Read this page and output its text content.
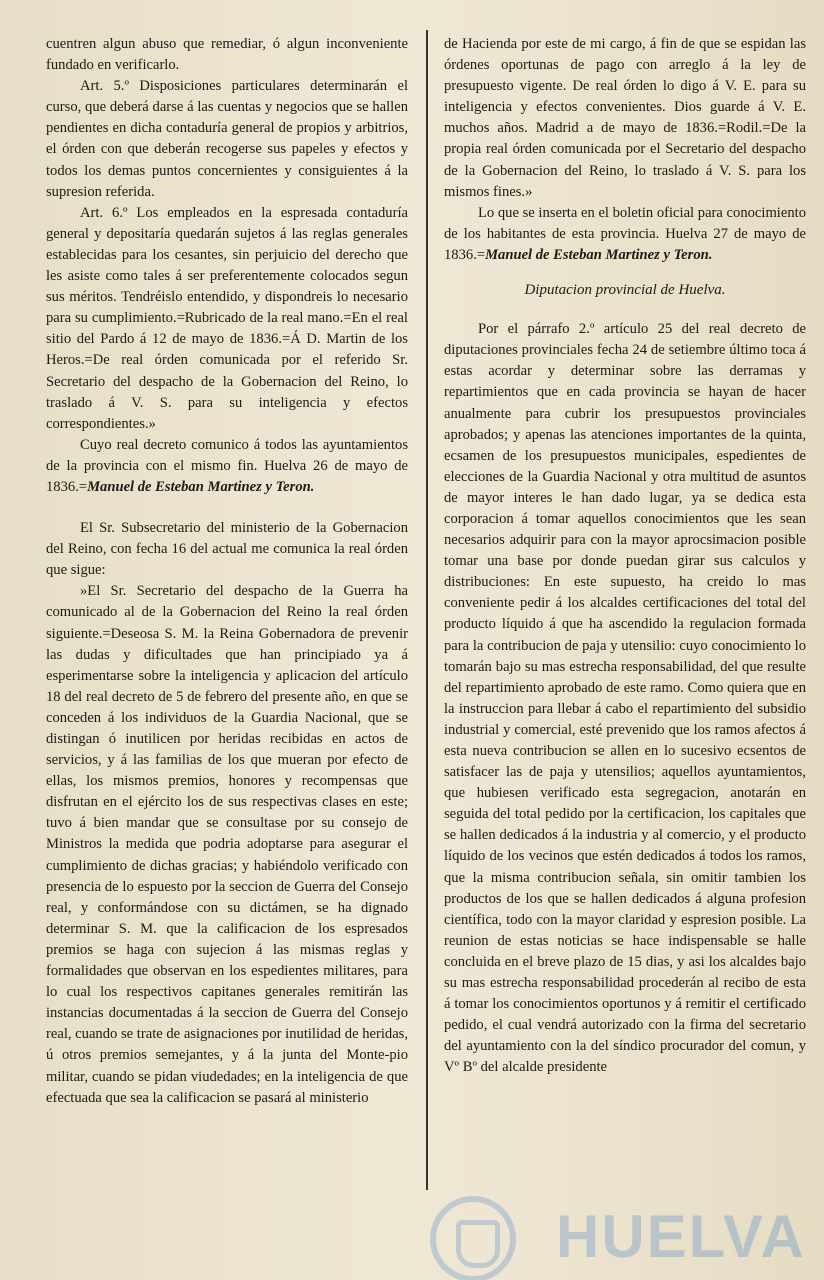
cuentren algun abuso que remediar, ó algun inconveniente fundado en verificarlo.

Art. 5.º Disposiciones particulares determinarán el curso, que deberá darse á las cuentas y negocios que se hallen pendientes en dicha contaduría general de propios y arbitrios, el órden con que deberán recogerse sus papeles y efectos y todos los demas puntos concernientes y consiguientes á la supresion referida.

Art. 6.º Los empleados en la espresada contaduría general y depositaría quedarán sujetos á las reglas generales establecidas para los cesantes, sin perjuicio del derecho que les asiste como tales á ser preferentemente colocados segun sus méritos. Tendréislo entendido, y dispondreis lo necesario para su cumplimiento.=Rubricado de la real mano.=En el real sitio del Pardo á 12 de mayo de 1836.=Á D. Martin de los Heros.=De real órden comunicada por el referido Sr. Secretario del despacho de la Gobernacion del Reino, lo traslado á V. S. para su inteligencia y efectos correspondientes.»

Cuyo real decreto comunico á todos las ayuntamientos de la provincia con el mismo fin. Huelva 26 de mayo de 1836.=Manuel de Esteban Martinez y Teron.

El Sr. Subsecretario del ministerio de la Gobernacion del Reino, con fecha 16 del actual me comunica la real órden que sigue:

»El Sr. Secretario del despacho de la Guerra ha comunicado al de la Gobernacion del Reino la real órden siguiente.=Deseosa S. M. la Reina Gobernadora de prevenir las dudas y dificultades que han principiado ya á esperimentarse sobre la inteligencia y aplicacion del artículo 18 del real decreto de 5 de febrero del presente año, en que se conceden á los individuos de la Guardia Nacional, que se distingan ó inutilicen por heridas recibidas en actos de servicios, y á las familias de los que mueran por efecto de ellas, los mismos premios, honores y recompensas que disfrutan en el ejército los de sus respectivas clases en este; tuvo á bien mandar que se consultase por su consejo de Ministros la medida que podria adoptarse para asegurar el cumplimiento de dichas gracias; y habiéndolo verificado con presencia de lo espuesto por la seccion de Guerra del Consejo real, y conformándose con su dictámen, se ha dignado determinar S. M. que la calificacion de los espresados premios se haga con sujecion á las mismas reglas y formalidades que observan en los espedientes militares, para lo cual los respectivos capitanes generales remitirán las instancias documentadas á la seccion de Guerra del Consejo real, cuando se trate de asignaciones por inutilidad de heridas, ú otros premios semejantes, y á la junta del Monte-pio militar, cuando se pidan viudedades; en la inteligencia de que efectuada que sea la calificacion se pasará al ministerio

de Hacienda por este de mi cargo, á fin de que se espidan las órdenes oportunas de pago con arreglo á la ley de presupuesto vigente. De real órden lo digo á V. E. para su inteligencia y efectos convenientes. Dios guarde á V. E. muchos años. Madrid a de mayo de 1836.=Rodil.=De la propia real órden comunicada por el Secretario del despacho de la Gobernacion del Reino, lo traslado á V. S. para los mismos fines.»

Lo que se inserta en el boletin oficial para conocimiento de los habitantes de esta provincia. Huelva 27 de mayo de 1836.=Manuel de Esteban Martinez y Teron.

Diputacion provincial de Huelva.

Por el párrafo 2.º artículo 25 del real decreto de diputaciones provinciales fecha 24 de setiembre último toca á estas acordar y determinar sobre las derramas y repartimientos que en cada provincia se hayan de hacer anualmente para cubrir los presupuestos provinciales aprobados; y apenas las atenciones importantes de la quinta, ecsamen de los presupuestos municipales, espedientes de elecciones de la Guardia Nacional y otra multitud de asuntos de mayor interes le han dado lugar, ya se dedica esta corporacion á tomar aquellos conocimientos que les sean necesarios adquirir para con la mayor aprocsimacion posible tomar una base por donde puedan girar sus calculos y distribuciones: En este supuesto, ha creido lo mas conveniente pedir á los alcaldes certificaciones del total del producto líquido á que ha ascendido la regulacion formada para la contribucion de paja y utensilio: cuyo conocimiento lo tomarán bajo su mas estrecha responsabilidad, del que resulte del repartimiento aprobado de este ramo. Como quiera que en la instruccion para llebar á cabo el repartimiento del subsidio industrial y comercial, esté prevenido que los ramos afectos á esta nueva contribucion se allen en lo sucesivo ecsentos de satisfacer las de paja y utensilios; aquellos ayuntamientos, que hubiesen verificado esta segregacion, anotarán en seguida del total pedido por la certificacion, los capitales que se hallen dedicados á la industria y al comercio, y el producto líquido de los vecinos que estén dedicados á todos los ramos, que la misma contribucion señala, sin omitir tambien los productos de los que se hallen dedicados á alguna profesion científica, todo con la mayor claridad y espresion posible. La reunion de estas noticias se hace indispensable se halle concluida en el breve plazo de 15 dias, y asi los alcaldes bajo su mas estrecha responsabilidad procederán al recibo de esta á tomar los conocimientos oportunos y á remitir el certificado pedido, el cual vendrá autorizado con la firma del secretario del ayuntamiento con la del síndico procurador del comun, y Vº Bº del alcalde presidente

HUELVA
